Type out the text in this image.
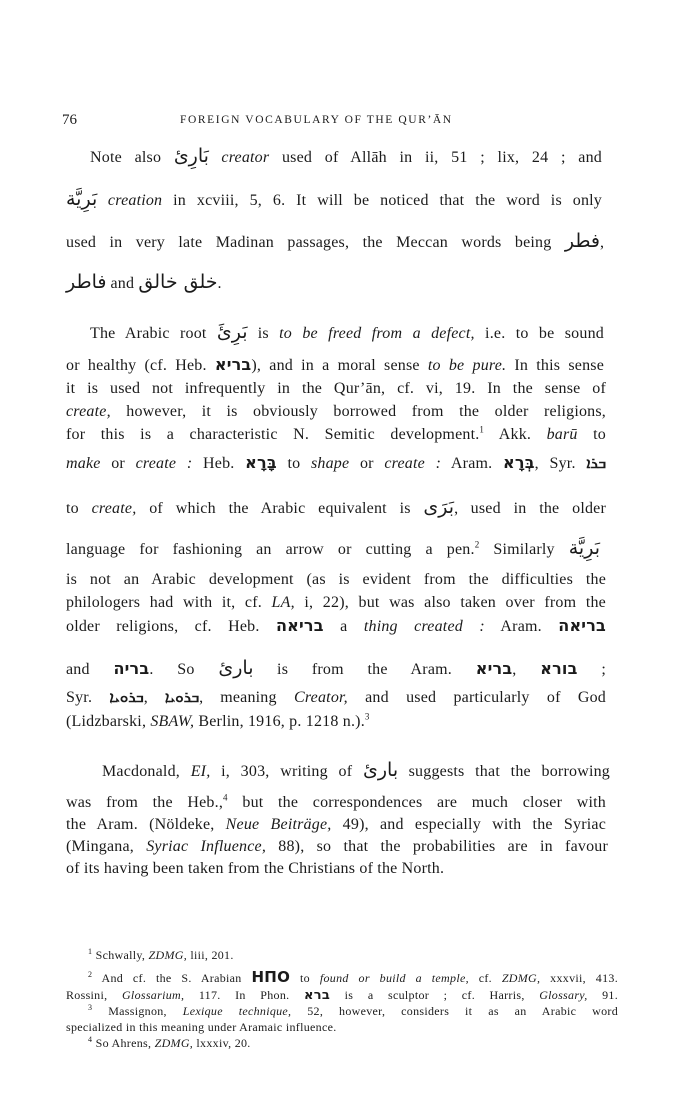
76	FOREIGN VOCABULARY OF THE QUR’ĀN
Note also بَارِئ creator used of Allāh in ii, 51 ; lix, 24 ; and
بَرِيَّة creation in xcviii, 5, 6. It will be noticed that the word is only
used in very late Madinan passages, the Meccan words being فطر,
فاطر and خلق خالق.
The Arabic root بَرِئَ is to be freed from a defect, i.e. to be sound
or healthy (cf. Heb. בריא), and in a moral sense to be pure. In this sense
it is used not infrequently in the Qur’ān, cf. vi, 19. In the sense of
create, however, it is obviously borrowed from the older religions,
for this is a characteristic N. Semitic development.$^1$ Akk. barū to
make or create : Heb. בָּרָא to shape or create : Aram. בְּרָא, Syr. ܒܪܐ
to create, of which the Arabic equivalent is بَرَى, used in the older
language for fashioning an arrow or cutting a pen.$^2$ Similarly بَرِيَّة
is not an Arabic development (as is evident from the difficulties the
philologers had with it, cf. LA, i, 22), but was also taken over from the
older religions, cf. Heb. בריאה a thing created : Aram. בריאה
and בריה. So بارئ is from the Aram. בריא, בורא ;
Syr. ܒܪܘܝܐ, ܒܪܘܝܐ, meaning Creator, and used particularly of God
(Lidzbarski, SBAW, Berlin, 1916, p. 1218 n.).$^3$
Macdonald, EI, i, 303, writing of بارئ suggests that the borrowing
was from the Heb.,$^4$ but the correspondences are much closer with
the Aram. (Nöldeke, Neue Beiträge, 49), and especially with the Syriac
(Mingana, Syriac Influence, 88), so that the probabilities are in favour
of its having been taken from the Christians of the North.
$^1$ Schwally, ZDMG, liii, 201.
$^2$ And cf. the S. Arabian ΗΠΟ to found or build a temple, cf. ZDMG, xxxvii, 413.
Rossini, Glossarium, 117. In Phon. ברא is a sculptor ; cf. Harris, Glossary, 91.
$^3$ Massignon, Lexique technique, 52, however, considers it as an Arabic word
specialized in this meaning under Aramaic influence.
$^4$ So Ahrens, ZDMG, lxxxiv, 20.
